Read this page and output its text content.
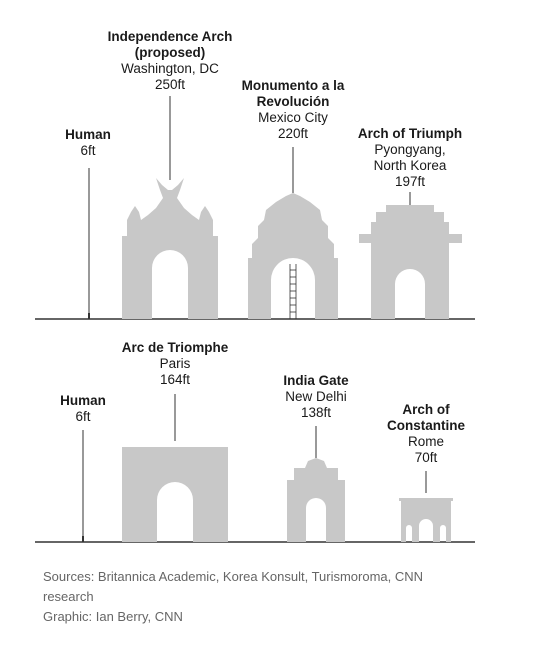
Human
6ft
Independence Arch
(proposed)
Washington, DC
250ft	Monumento a la
Revolución
Mexico City
220ft	Arch of Triumph
Pyongyang,
North Korea
197ft
Human
6ft
Arc de Triomphe
Paris
164ft	India Gate
New Delhi
138ft	Arch of
Constantine
Rome
70ft
Sources: Britannica Academic, Korea Konsult, Turismoroma, CNN
research
Graphic: Ian Berry, CNN
